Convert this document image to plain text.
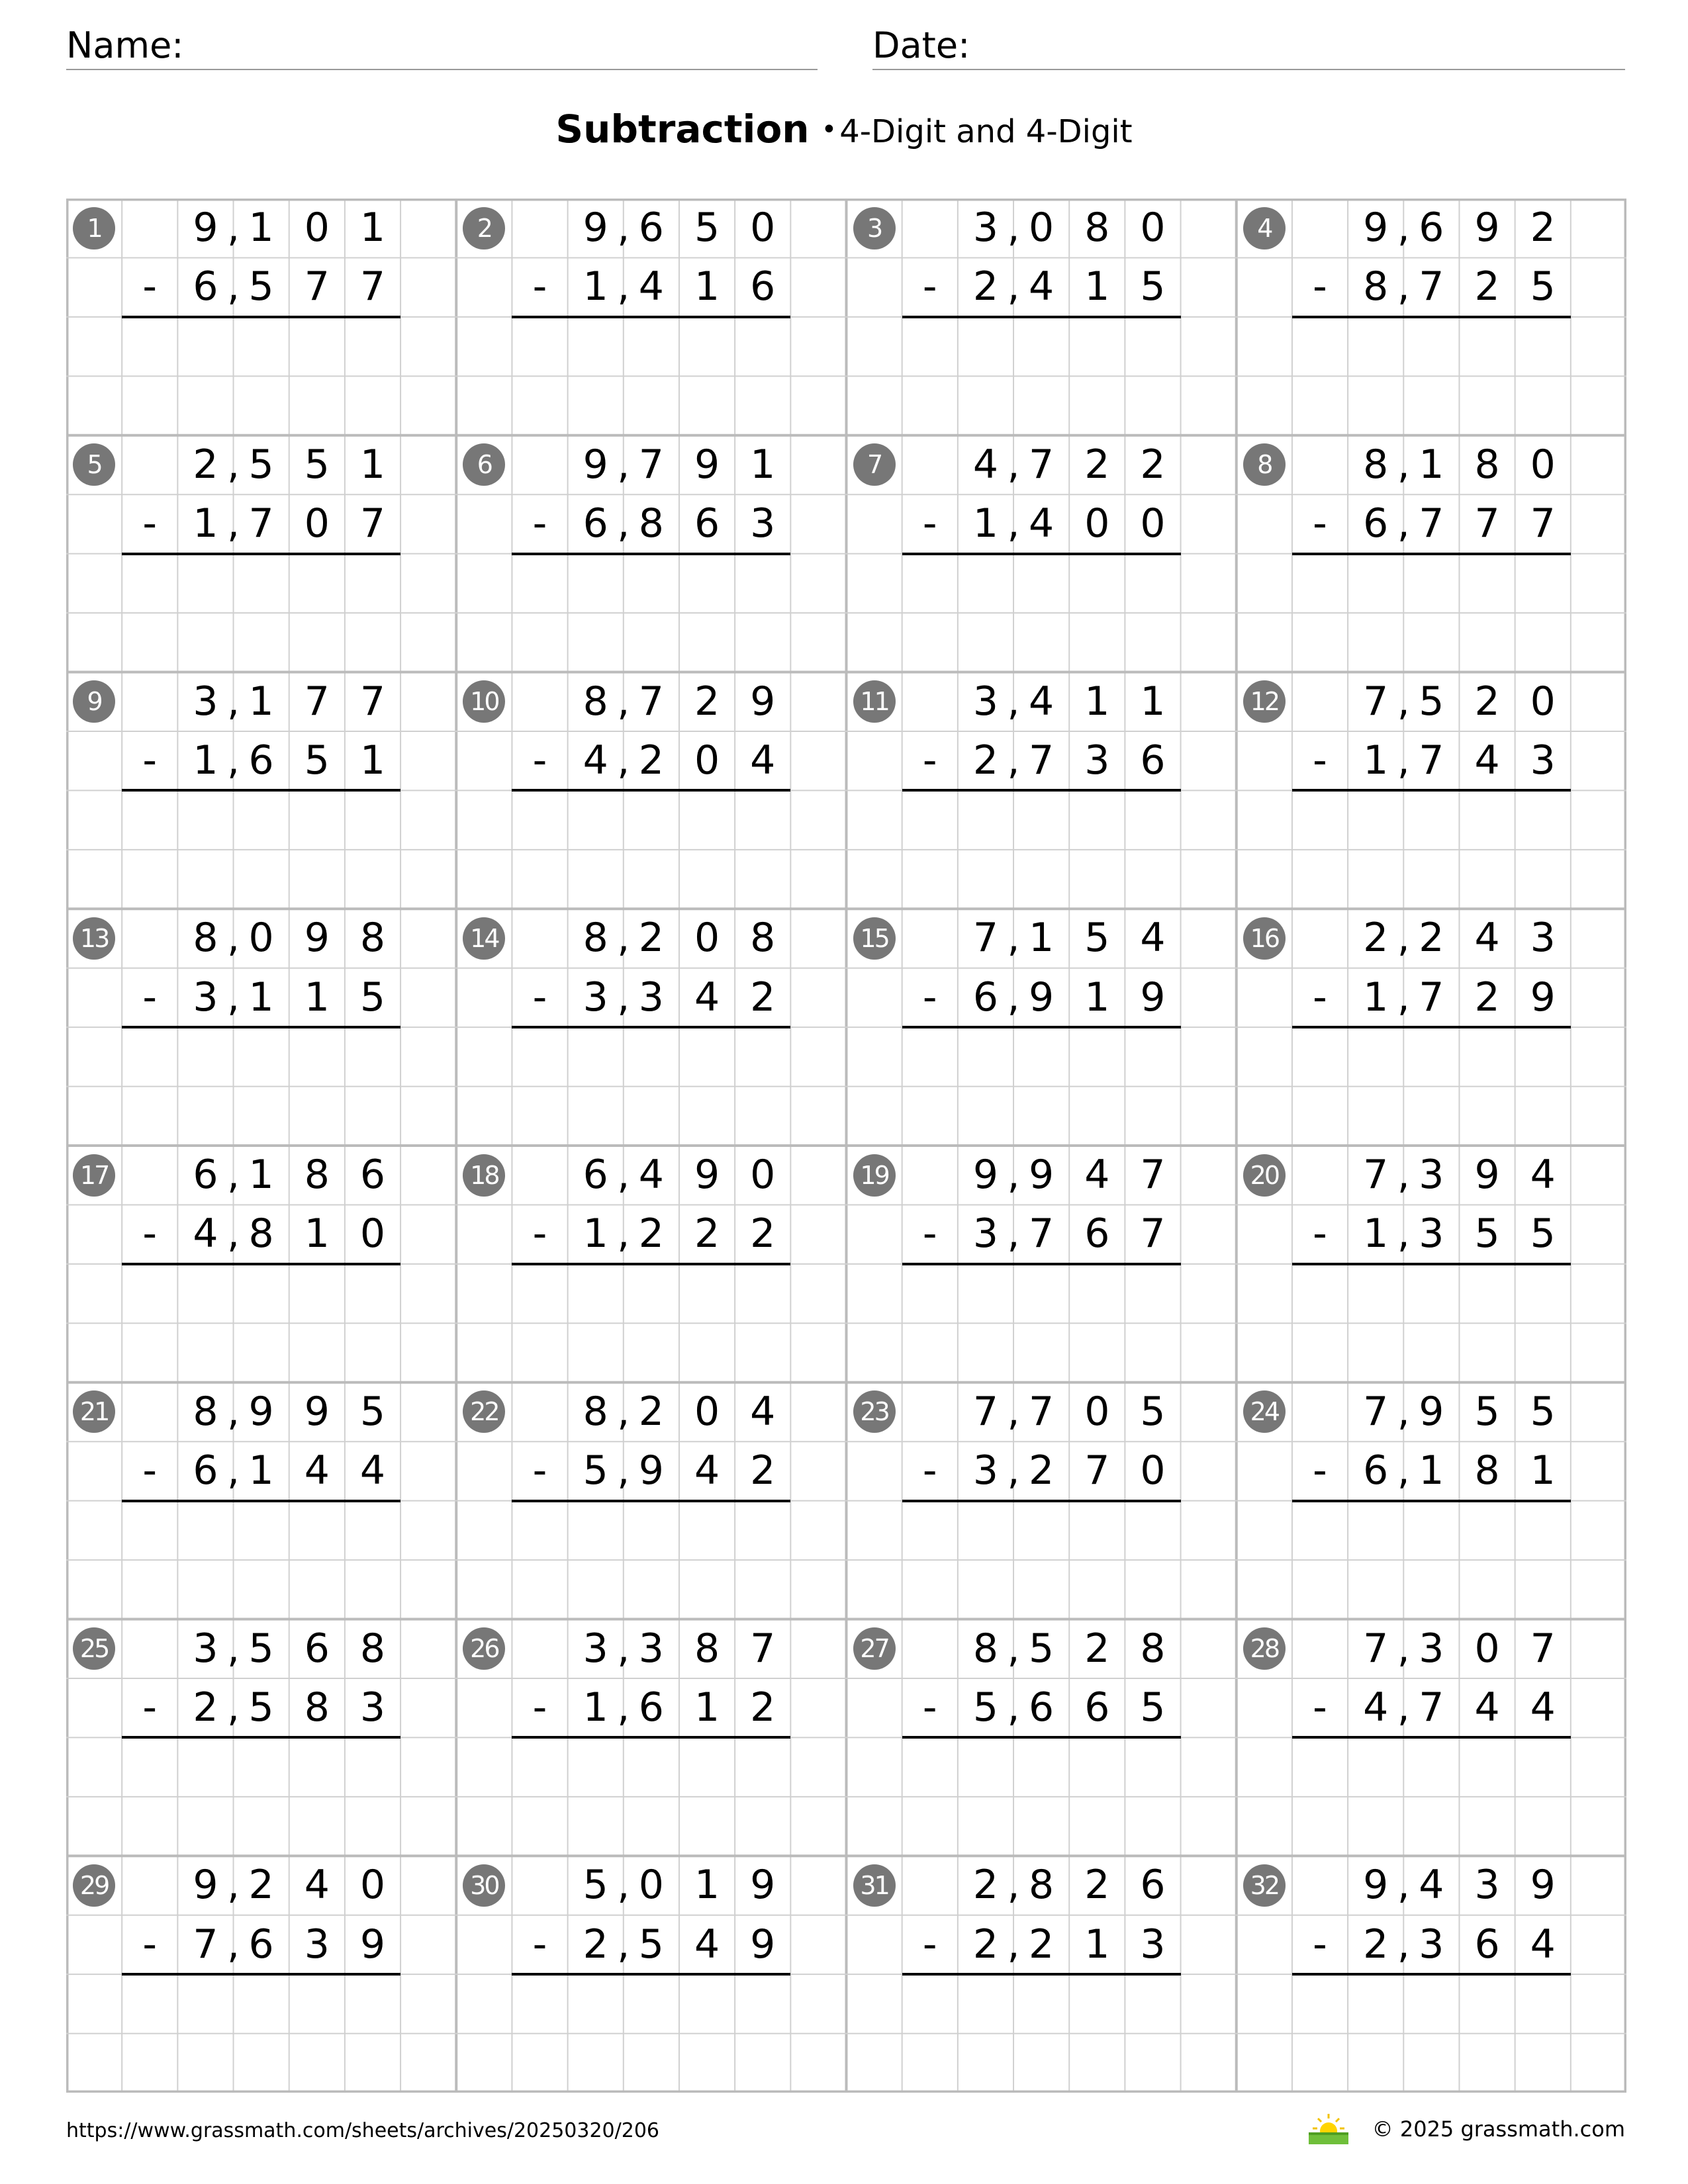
Name:	Date:
Subtraction •4-Digit and 4-Digit
1	9 1 0 1
,
6 5 7 7
,
-
2	9 6 5 0
,
1 4 1 6
,
-
3	3 0 8 0
,
2 4 1 5
,
-
4	9 6 9 2
,
8 7 2 5
,
-
5	2 5 5 1
,
1 7 0 7
,
-
6	9 7 9 1
,
6 8 6 3
,
-
7	4 7 2 2
,
1 4 0 0
,
-
8	8 1 8 0
,
6 7 7 7
,
-
9	3 1 7 7
,
1 6 5 1
,
-
10	8 7 2 9
,
4 2 0 4
,
-
11	3 4 1 1
,
2 7 3 6
,
-
12	7 5 2 0
,
1 7 4 3
,
-
13	8 0 9 8
,
3 1 1 5
,
-
14	8 2 0 8
,
3 3 4 2
,
-
15	7 1 5 4
,
6 9 1 9
,
-
16	2 2 4 3
,
1 7 2 9
,
-
17	6 1 8 6
,
4 8 1 0
,
-
18	6 4 9 0
,
1 2 2 2
,
-
19	9 9 4 7
,
3 7 6 7
,
-
20	7 3 9 4
,
1 3 5 5
,
-
21	8 9 9 5
,
6 1 4 4
,
-
22	8 2 0 4
,
5 9 4 2
,
-
23	7 7 0 5
,
3 2 7 0
,
-
24	7 9 5 5
,
6 1 8 1
,
-
25	3 5 6 8
,
2 5 8 3
,
-
26	3 3 8 7
,
1 6 1 2
,
-
27	8 5 2 8
,
5 6 6 5
,
-
28	7 3 0 7
,
4 7 4 4
,
-
29	9 2 4 0
,
7 6 3 9
,
-
30	5 0 1 9
,
2 5 4 9
,
-
31	2 8 2 6
,
2 2 1 3
,
-
32	9 4 3 9
,
2 3 6 4
,
-
https://www.grassmath.com/sheets/archives/20250320/206	© 2025 grassmath.com
